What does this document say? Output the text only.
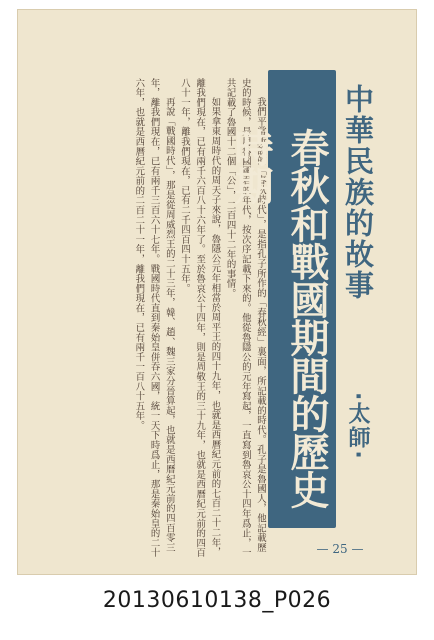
我們平常所說的「春秋時代」，是指孔子所作的「春秋經」裏面，所記載的時代。孔子是魯國人，他記載歷史的時候，是用魯國國君的年代，按次序記載下來的。他從魯隱公的元年寫起，一直寫到魯哀公十四年爲止，一共記載了魯國十二個「公」，二百四十二年的事情。

如果拿東周時代的周天子來說，魯隱公元年相當於周平王的四十九年，也就是西曆紀元前的七百二十二年，離我們現在，已有兩千六百八十六年了。至於魯哀公十四年，則是周敬王的三十九年，也就是西曆紀元前的四百八十一年，離我們現在，已有二千四百四十五年。

再說「戰國時代」，那是從周威烈王的二十三年，韓、趙、魏三家分晉算起，也就是西曆紀元前的四百零三年，離我們現在，已有兩千三百六十七年。戰國時代直到秦始皇併吞六國，統一天下時爲止，那是秦始皇的二十六年，也就是西曆紀元前的二百二十一年，離我們現在，已有兩千一百八十五年。	春秋和戰國期間的歷史時期	中華民族的故事
·太師·
— 25 —
20130610138_P026
